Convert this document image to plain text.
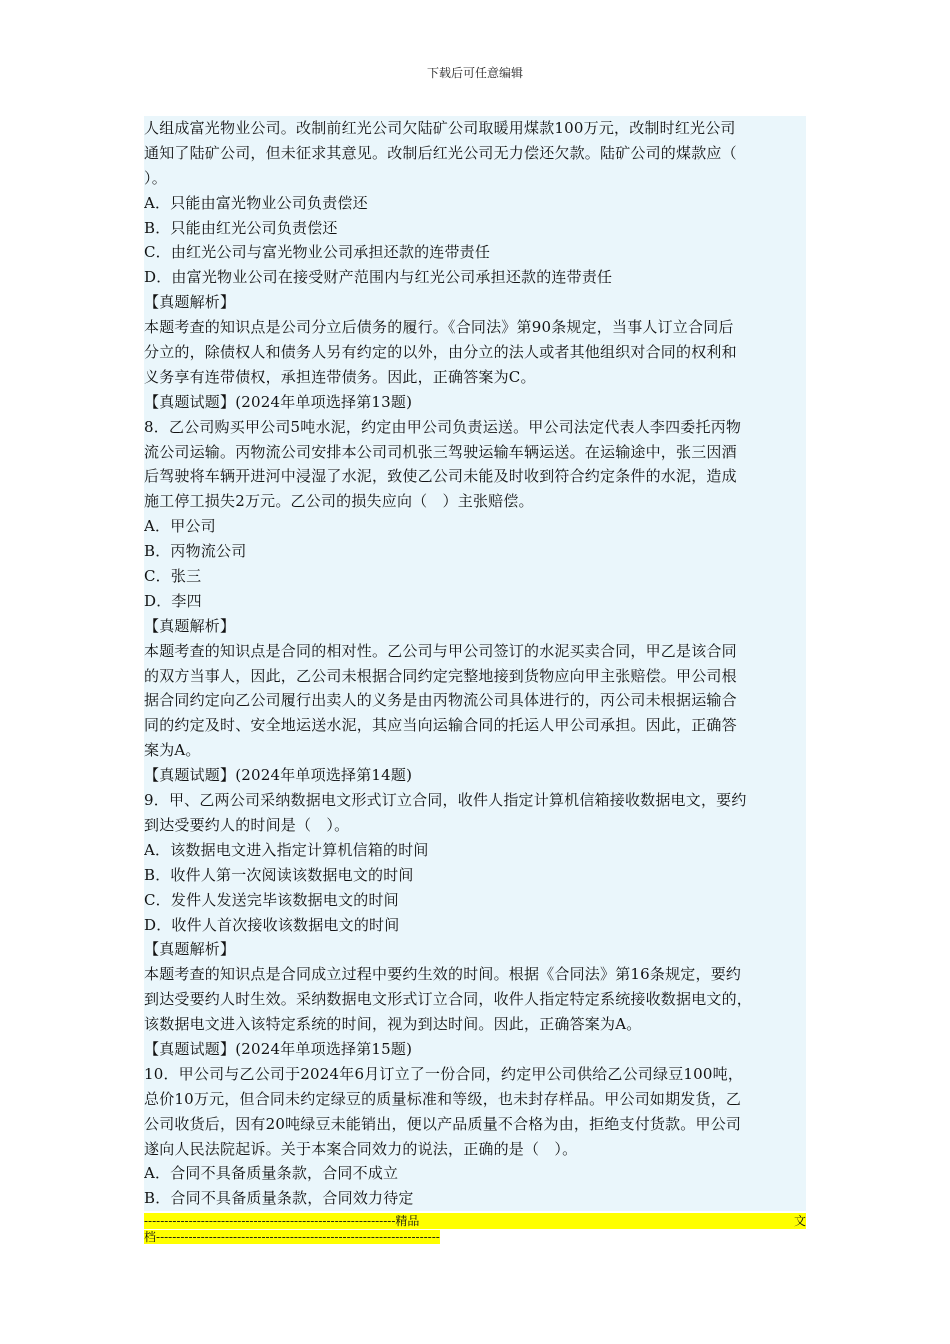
下载后可任意编辑
人组成富光物业公司。改制前红光公司欠陆矿公司取暖用煤款100万元，改制时红光公司
通知了陆矿公司，但未征求其意见。改制后红光公司无力偿还欠款。陆矿公司的煤款应（
）。
A．只能由富光物业公司负责偿还
B．只能由红光公司负责偿还
C．由红光公司与富光物业公司承担还款的连带责任
D．由富光物业公司在接受财产范围内与红光公司承担还款的连带责任
【真题解析】
本题考查的知识点是公司分立后债务的履行。《合同法》第90条规定，当事人订立合同后
分立的，除债权人和债务人另有约定的以外，由分立的法人或者其他组织对合同的权利和
义务享有连带债权，承担连带债务。因此，正确答案为C。
【真题试题】(2024年单项选择第13题)
8．乙公司购买甲公司5吨水泥，约定由甲公司负责运送。甲公司法定代表人李四委托丙物
流公司运输。丙物流公司安排本公司司机张三驾驶运输车辆运送。在运输途中，张三因酒
后驾驶将车辆开进河中浸湿了水泥，致使乙公司未能及时收到符合约定条件的水泥，造成
施工停工损失2万元。乙公司的损失应向（　）主张赔偿。
A．甲公司
B．丙物流公司
C．张三
D．李四
【真题解析】
本题考查的知识点是合同的相对性。乙公司与甲公司签订的水泥买卖合同，甲乙是该合同
的双方当事人，因此，乙公司未根据合同约定完整地接到货物应向甲主张赔偿。甲公司根
据合同约定向乙公司履行出卖人的义务是由丙物流公司具体进行的，丙公司未根据运输合
同的约定及时、安全地运送水泥，其应当向运输合同的托运人甲公司承担。因此，正确答
案为A。
【真题试题】(2024年单项选择第14题)
9．甲、乙两公司采纳数据电文形式订立合同，收件人指定计算机信箱接收数据电文，要约
到达受要约人的时间是（　）。
A．该数据电文进入指定计算机信箱的时间
B．收件人第一次阅读该数据电文的时间
C．发件人发送完毕该数据电文的时间
D．收件人首次接收该数据电文的时间
【真题解析】
本题考查的知识点是合同成立过程中要约生效的时间。根据《合同法》第16条规定，要约
到达受要约人时生效。采纳数据电文形式订立合同，收件人指定特定系统接收数据电文的，
该数据电文进入该特定系统的时间，视为到达时间。因此，正确答案为A。
【真题试题】(2024年单项选择第15题)
10．甲公司与乙公司于2024年6月订立了一份合同，约定甲公司供给乙公司绿豆100吨，
总价10万元，但合同未约定绿豆的质量标准和等级，也未封存样品。甲公司如期发货，乙
公司收货后，因有20吨绿豆未能销出，便以产品质量不合格为由，拒绝支付货款。甲公司
遂向人民法院起诉。关于本案合同效力的说法，正确的是（　）。
A．合同不具备质量条款，合同不成立
B．合同不具备质量条款，合同效力待定
-------------------------------------------------------------- 精 品	文
档----------------------------------------------------------------------
